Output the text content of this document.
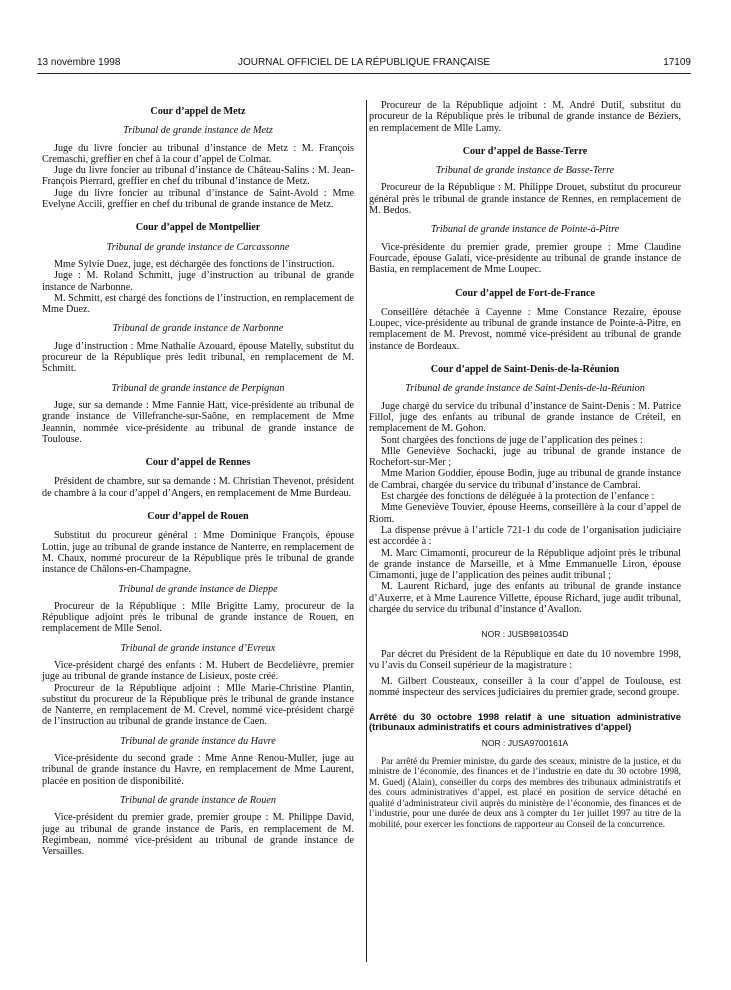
13 novembre 1998	JOURNAL OFFICIEL DE LA RÉPUBLIQUE FRANÇAISE	17109

Cour d’appel de Metz

Tribunal de grande instance de Metz

Juge du livre foncier au tribunal d’instance de Metz : M. François Cremaschi, greffier en chef à la cour d’appel de Colmar.

Juge du livre foncier au tribunal d’instance de Château-Salins : M. Jean-François Pierrard, greffier en chef du tribunal d’instance de Metz.

Juge du livre foncier au tribunal d’instance de Saint-Avold : Mme Evelyne Accili, greffier en chef du tribunal de grande instance de Metz.

Cour d’appel de Montpellier

Tribunal de grande instance de Carcassonne

Mme Sylvie Duez, juge, est déchargée des fonctions de l’instruction.

Juge : M. Roland Schmitt, juge d’instruction au tribunal de grande instance de Narbonne.

M. Schmitt, est chargé des fonctions de l’instruction, en remplacement de Mme Duez.

Tribunal de grande instance de Narbonne

Juge d’instruction : Mme Nathalie Azouard, épouse Matelly, substitut du procureur de la République près ledit tribunal, en remplacement de M. Schmitt.

Tribunal de grande instance de Perpignan

Juge, sur sa demande : Mme Fannie Hatt, vice-présidente au tribunal de grande instance de Villefranche-sur-Saône, en remplacement de Mme Jeannin, nommée vice-présidente au tribunal de grande instance de Toulouse.

Cour d’appel de Rennes

Président de chambre, sur sa demande : M. Christian Thevenot, président de chambre à la cour d’appel d’Angers, en remplacement de Mme Burdeau.

Cour d’appel de Rouen

Substitut du procureur général : Mme Dominique François, épouse Lottin, juge au tribunal de grande instance de Nanterre, en remplacement de M. Chaux, nommé procureur de la République près le tribunal de grande instance de Châlons-en-Champagne.

Tribunal de grande instance de Dieppe

Procureur de la République : Mlle Brigitte Lamy, procureur de la République adjoint près le tribunal de grande instance de Rouen, en remplacement de Mlle Senol.

Tribunal de grande instance d’Evreux

Vice-président chargé des enfants : M. Hubert de Becdelièvre, premier juge au tribunal de grande instance de Lisieux, poste créé.

Procureur de la République adjoint : Mlle Marie-Christine Plantin, substitut du procureur de la République près le tribunal de grande instance de Nanterre, en remplacement de M. Crevel, nommé vice-président chargé de l’instruction au tribunal de grande instance de Caen.

Tribunal de grande instance du Havre

Vice-présidente du second grade : Mme Anne Renou-Muller, juge au tribunal de grande instance du Havre, en remplacement de Mme Laurent, placée en position de disponibilité.

Tribunal de grande instance de Rouen

Vice-président du premier grade, premier groupe : M. Philippe David, juge au tribunal de grande instance de Paris, en remplacement de M. Regimbeau, nommé vice-président au tribunal de grande instance de Versailles.

Procureur de la République adjoint : M. André Dutil, substitut du procureur de la République près le tribunal de grande instance de Béziers, en remplacement de Mlle Lamy.

Cour d’appel de Basse-Terre

Tribunal de grande instance de Basse-Terre

Procureur de la République : M. Philippe Drouet, substitut du procureur général près le tribunal de grande instance de Rennes, en remplacement de M. Bedos.

Tribunal de grande instance de Pointe-à-Pitre

Vice-présidente du premier grade, premier groupe : Mme Claudine Fourcade, épouse Galati, vice-présidente au tribunal de grande instance de Bastia, en remplacement de Mme Loupec.

Cour d’appel de Fort-de-France

Conseillère détachée à Cayenne : Mme Constance Rezaire, épouse Loupec, vice-présidente au tribunal de grande instance de Pointe-à-Pitre, en remplacement de M. Prevost, nommé vice-président au tribunal de grande instance de Bordeaux.

Cour d’appel de Saint-Denis-de-la-Réunion

Tribunal de grande instance de Saint-Denis-de-la-Réunion

Juge chargé du service du tribunal d’instance de Saint-Denis : M. Patrice Fillol, juge des enfants au tribunal de grande instance de Créteil, en remplacement de M. Gohon.

Sont chargées des fonctions de juge de l’application des peines :

Mlle Geneviève Sochacki, juge au tribunal de grande instance de Rochefort-sur-Mer ;

Mme Marion Goddier, épouse Bodin, juge au tribunal de grande instance de Cambrai, chargée du service du tribunal d’instance de Cambrai.

Est chargée des fonctions de déléguée à la protection de l’enfance :

Mme Geneviève Touvier, épouse Heems, conseillère à la cour d’appel de Riom.

La dispense prévue à l’article 721-1 du code de l’organisation judiciaire est accordée à :

M. Marc Cimamonti, procureur de la République adjoint près le tribunal de grande instance de Marseille, et à Mme Emmanuelle Liron, épouse Cimamonti, juge de l’application des peines audit tribunal ;

M. Laurent Richard, juge des enfants au tribunal de grande instance d’Auxerre, et à Mme Laurence Villette, épouse Richard, juge audit tribunal, chargée du service du tribunal d’instance d’Avallon.

NOR : JUSB9810354D

Par décret du Président de la République en date du 10 novembre 1998, vu l’avis du Conseil supérieur de la magistrature :

M. Gilbert Cousteaux, conseiller à la cour d’appel de Toulouse, est nommé inspecteur des services judiciaires du premier grade, second groupe.

Arrêté du 30 octobre 1998 relatif à une situation administrative (tribunaux administratifs et cours administratives d’appel)

NOR : JUSA9700161A

Par arrêté du Premier ministre, du garde des sceaux, ministre de la justice, et du ministre de l’économie, des finances et de l’industrie en date du 30 octobre 1998, M. Guedj (Alain), conseiller du corps des membres des tribunaux administratifs et des cours administratives d’appel, est placé en position de service détaché en qualité d’administrateur civil auprès du ministère de l’économie, des finances et de l’industrie, pour une durée de deux ans à compter du 1er juillet 1997 au titre de la mobilité, pour exercer les fonctions de rapporteur au Conseil de la concurrence.
